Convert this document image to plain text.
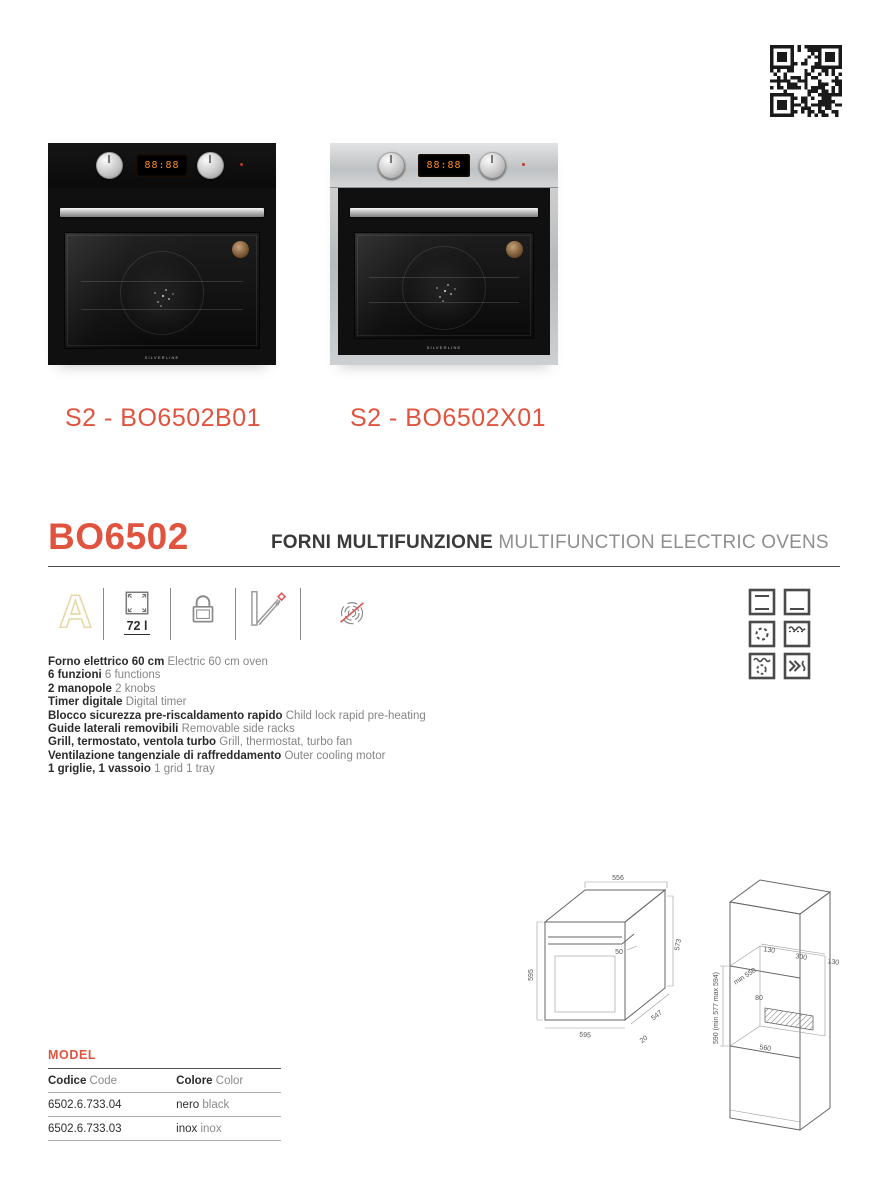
88:88
SILVERLINE
88:88
SILVERLINE
S2 - BO6502B01	S2 - BO6502X01
BO6502	FORNI MULTIFUNZIONE MULTIFUNCTION ELECTRIC OVENS
A	72 l
Forno elettrico 60 cm Electric 60 cm oven
6 funzioni 6 functions
2 manopole 2 knobs
Timer digitale Digital timer
Blocco sicurezza pre-riscaldamento rapido Child lock rapid pre-heating
Guide laterali removibili Removable side racks
Grill, termostato, ventola turbo Grill, thermostat, turbo fan
Ventilazione tangenziale di raffreddamento Outer cooling motor
1 griglie, 1 vassoio 1 grid 1 tray
556
595
573
595
547
20
50
590 (min 577 max 594) min 550
130
300
130
80
560
MODEL
Codice Code	Colore Color
6502.6.733.04	nero black
6502.6.733.03	inox inox
